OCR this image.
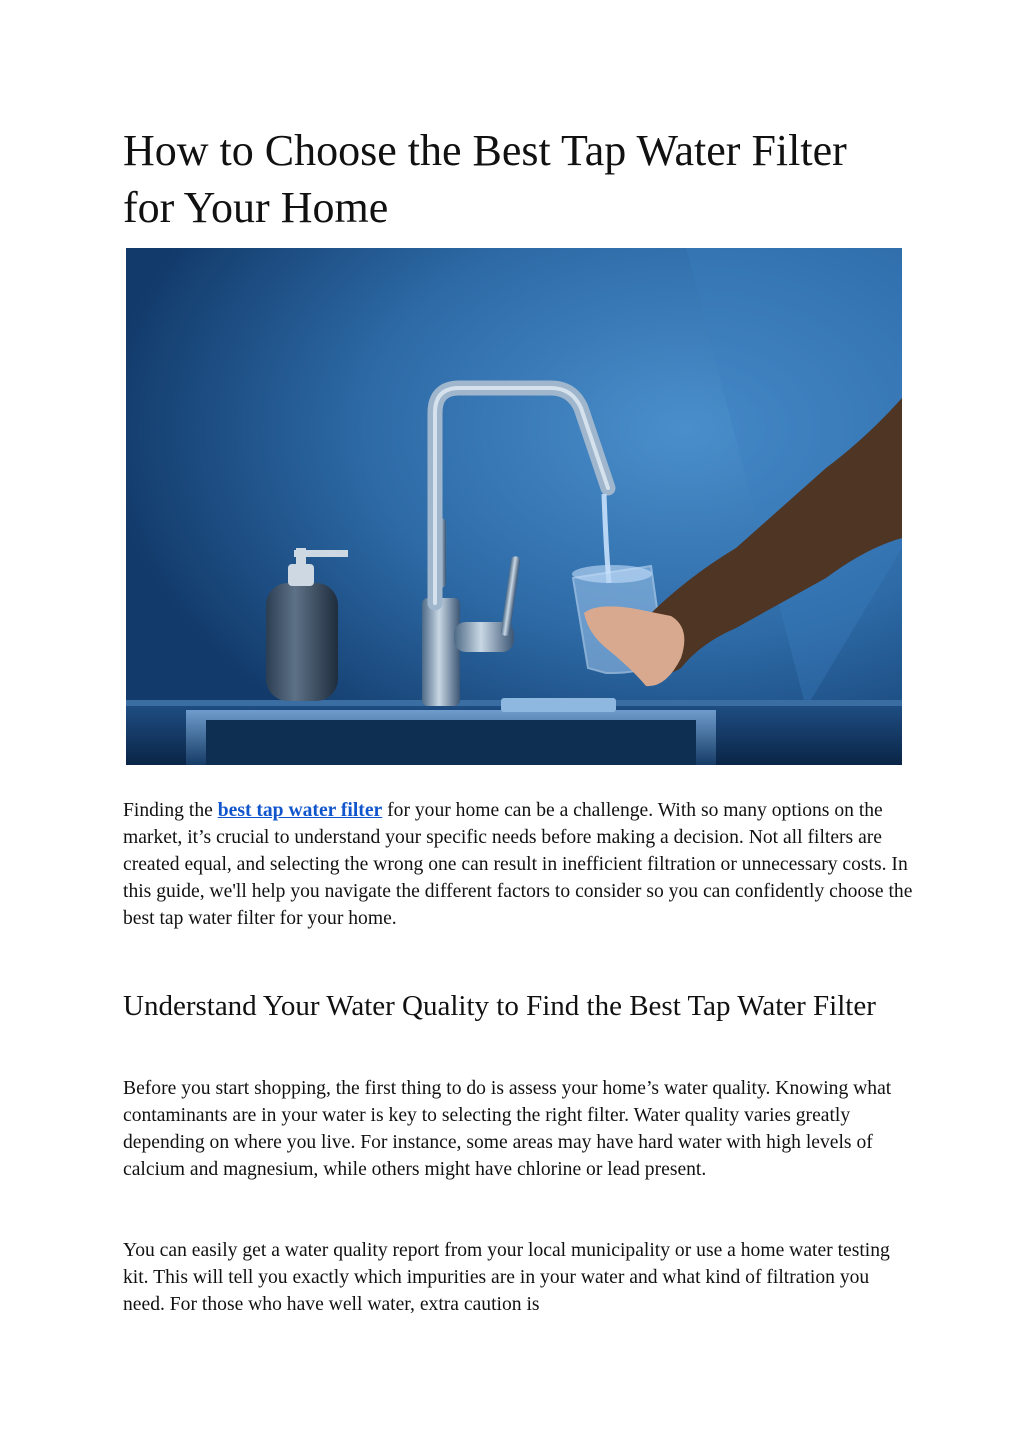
How to Choose the Best Tap Water Filter for Your Home

Finding the best tap water filter for your home can be a challenge. With so many options on the market, it’s crucial to understand your specific needs before making a decision. Not all filters are created equal, and selecting the wrong one can result in inefficient filtration or unnecessary costs. In this guide, we'll help you navigate the different factors to consider so you can confidently choose the best tap water filter for your home.

Understand Your Water Quality to Find the Best Tap Water Filter

Before you start shopping, the first thing to do is assess your home’s water quality. Knowing what contaminants are in your water is key to selecting the right filter. Water quality varies greatly depending on where you live. For instance, some areas may have hard water with high levels of calcium and magnesium, while others might have chlorine or lead present.

You can easily get a water quality report from your local municipality or use a home water testing kit. This will tell you exactly which impurities are in your water and what kind of filtration you need. For those who have well water, extra caution is
